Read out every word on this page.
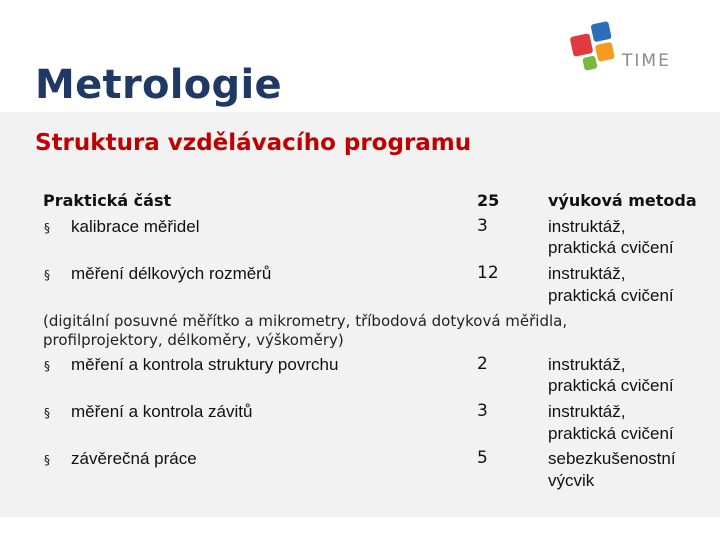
Metrologie
TIME
Struktura vzdělávacího programu
Praktická část	25	výuková metoda
§ kalibrace měřidel	3	instruktáž,
praktická cvičení
§ měření délkových rozměrů	12	instruktáž,
praktická cvičení
(digitální posuvné měřítko a mikrometry, tříbodová dotyková měřidla, profilprojektory, délkoměry, výškoměry)
§ měření a kontrola struktury povrchu	2	instruktáž,
praktická cvičení
§ měření a kontrola závitů	3	instruktáž,
praktická cvičení
§ závěrečná práce	5	sebezkušenostní
výcvik
